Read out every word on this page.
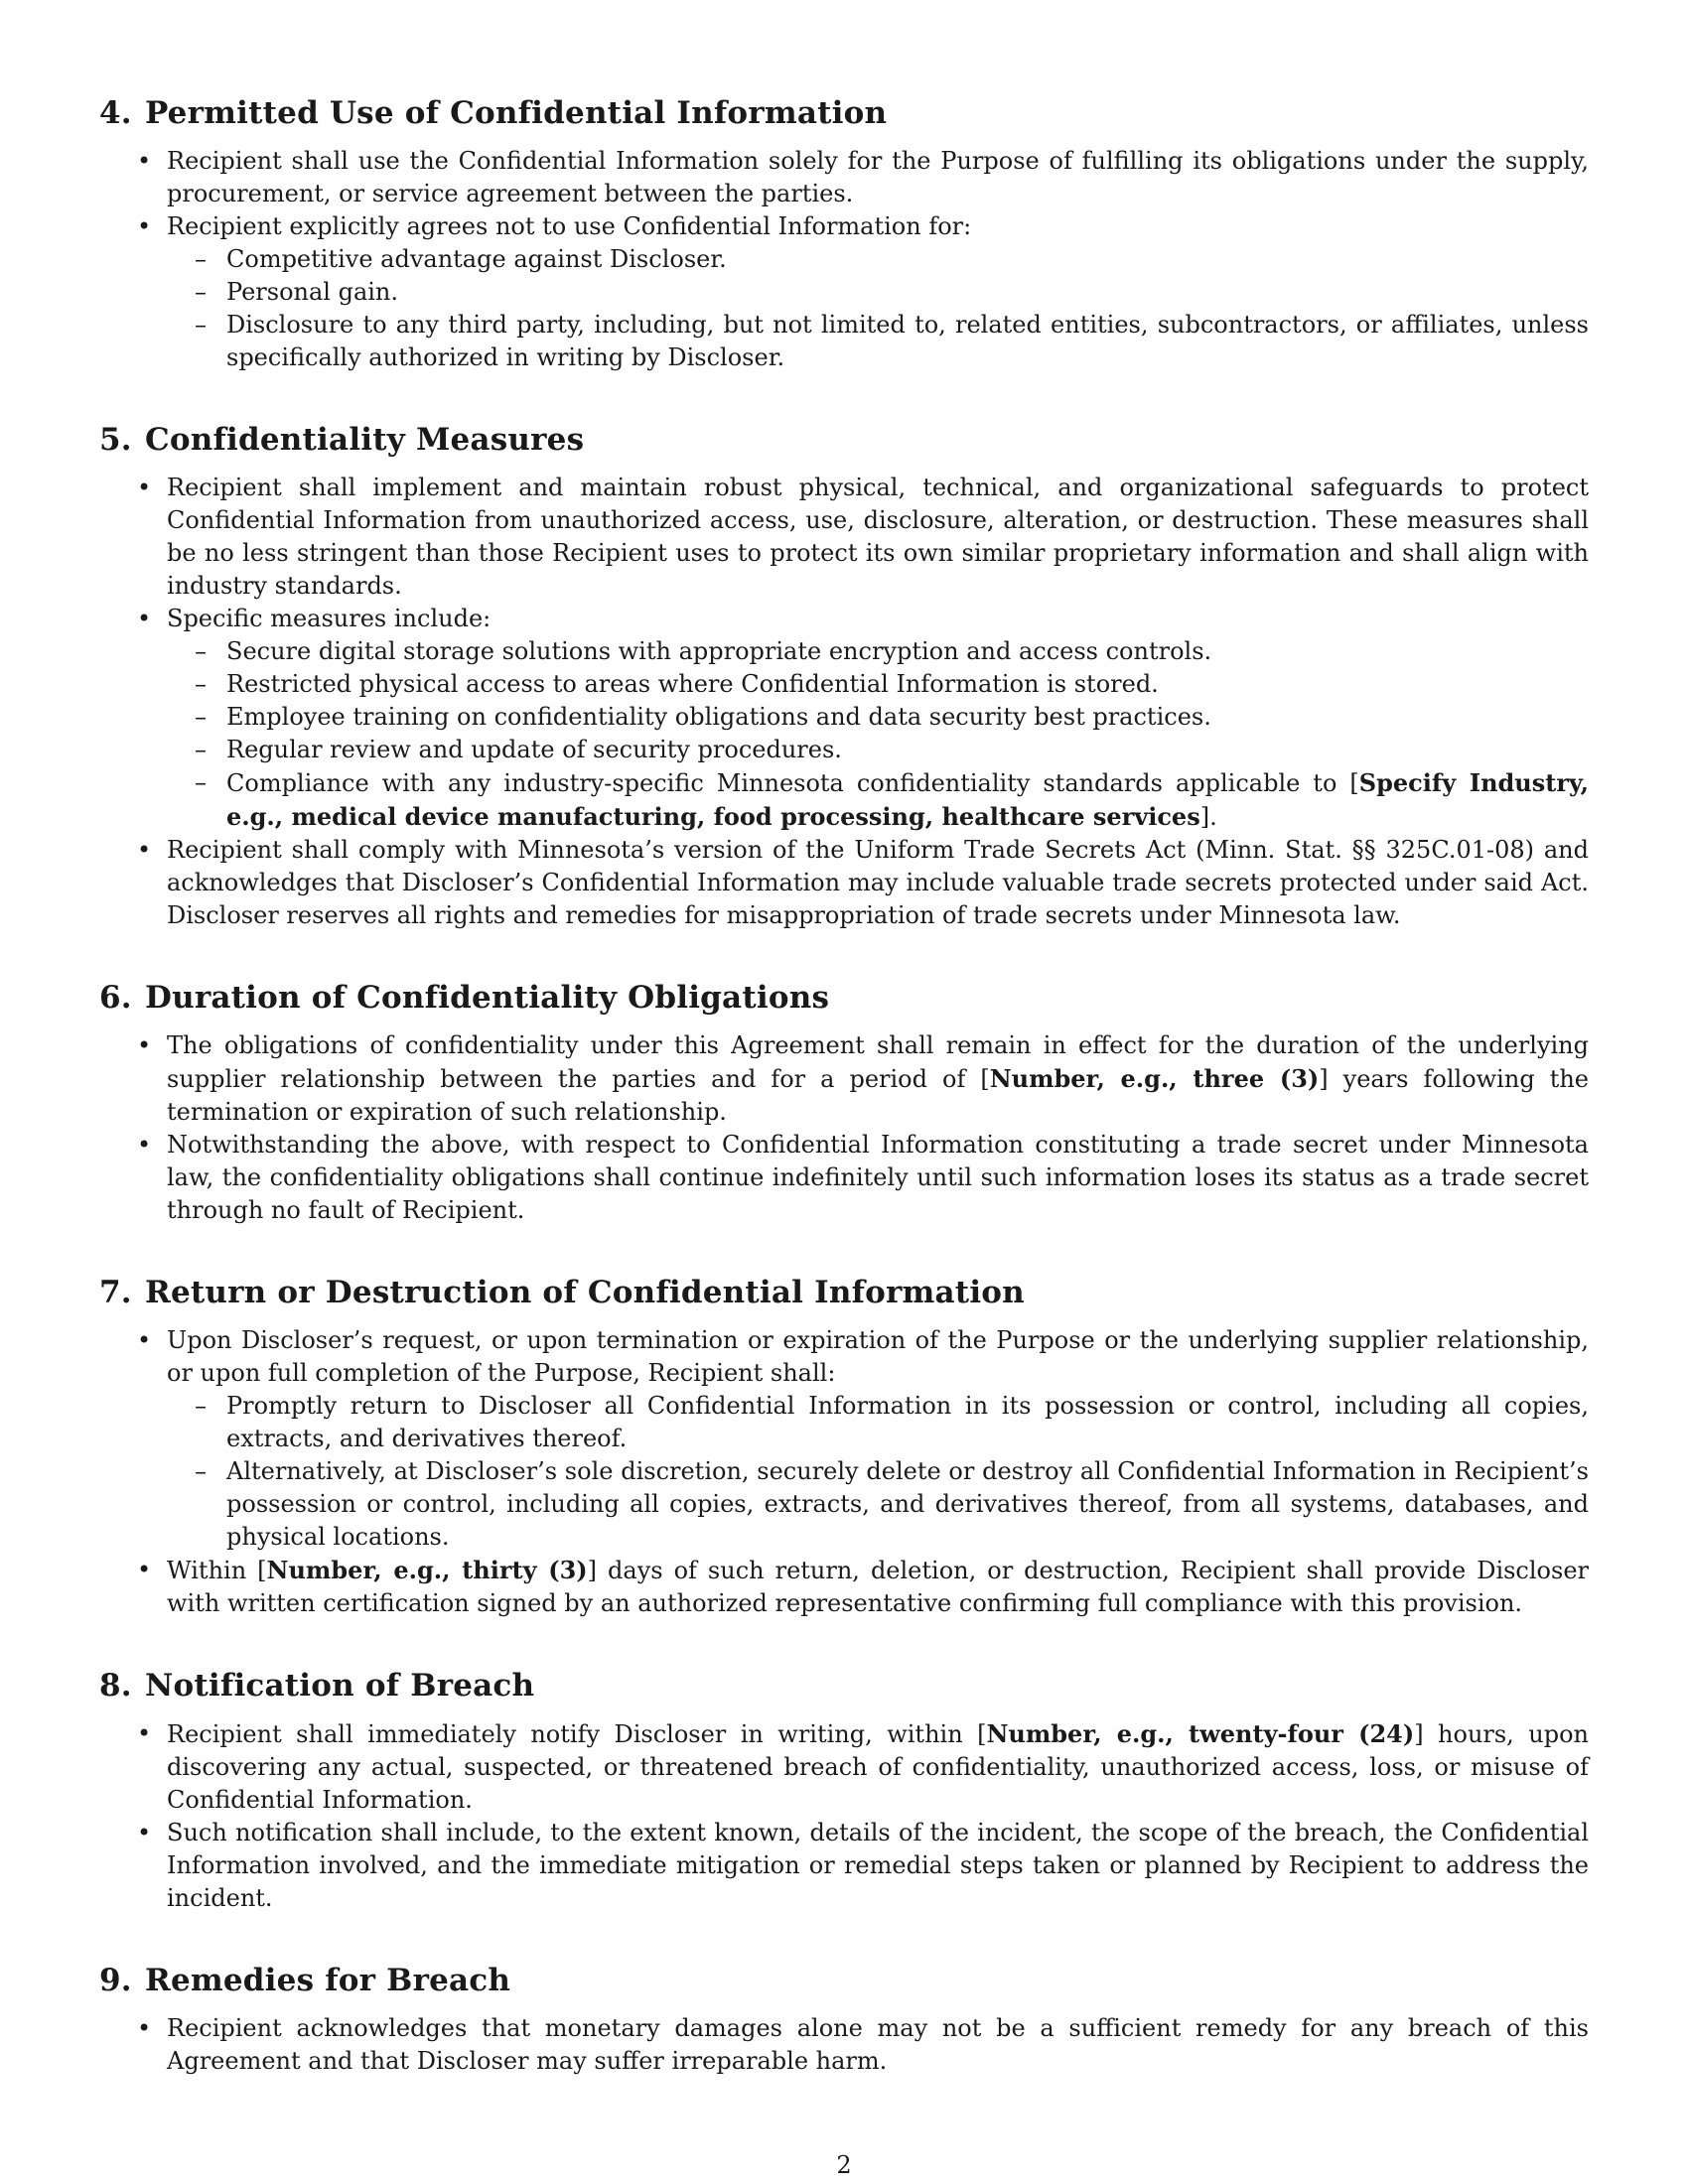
4. Permitted Use of Confidential Information
• Recipient shall use the Confidential Information solely for the Purpose of fulfilling its obligations under the supply, procurement, or service agreement between the parties.
• Recipient explicitly agrees not to use Confidential Information for:
– Competitive advantage against Discloser.
– Personal gain.
– Disclosure to any third party, including, but not limited to, related entities, subcontractors, or affiliates, unless specifically authorized in writing by Discloser.
5. Confidentiality Measures
• Recipient shall implement and maintain robust physical, technical, and organizational safeguards to protect Confidential Information from unauthorized access, use, disclosure, alteration, or destruction. These measures shall be no less stringent than those Recipient uses to protect its own similar proprietary information and shall align with industry standards.
• Specific measures include:
– Secure digital storage solutions with appropriate encryption and access controls.
– Restricted physical access to areas where Confidential Information is stored.
– Employee training on confidentiality obligations and data security best practices.
– Regular review and update of security procedures.
– Compliance with any industry-specific Minnesota confidentiality standards applicable to [Specify Industry, e.g., medical device manufacturing, food processing, healthcare services].
• Recipient shall comply with Minnesota’s version of the Uniform Trade Secrets Act (Minn. Stat. §§ 325C.01-08) and acknowledges that Discloser’s Confidential Information may include valuable trade secrets protected under said Act. Discloser reserves all rights and remedies for misappropriation of trade secrets under Minnesota law.
6. Duration of Confidentiality Obligations
• The obligations of confidentiality under this Agreement shall remain in effect for the duration of the underlying supplier relationship between the parties and for a period of [Number, e.g., three (3)] years following the termination or expiration of such relationship.
• Notwithstanding the above, with respect to Confidential Information constituting a trade secret under Minnesota law, the confidentiality obligations shall continue indefinitely until such information loses its status as a trade secret through no fault of Recipient.
7. Return or Destruction of Confidential Information
• Upon Discloser’s request, or upon termination or expiration of the Purpose or the underlying supplier relationship, or upon full completion of the Purpose, Recipient shall:
– Promptly return to Discloser all Confidential Information in its possession or control, including all copies, extracts, and derivatives thereof.
– Alternatively, at Discloser’s sole discretion, securely delete or destroy all Confidential Information in Recipient’s possession or control, including all copies, extracts, and derivatives thereof, from all systems, databases, and physical locations.
• Within [Number, e.g., thirty (3)] days of such return, deletion, or destruction, Recipient shall provide Discloser with written certification signed by an authorized representative confirming full compliance with this provision.
8. Notification of Breach
• Recipient shall immediately notify Discloser in writing, within [Number, e.g., twenty-four (24)] hours, upon discovering any actual, suspected, or threatened breach of confidentiality, unauthorized access, loss, or misuse of Confidential Information.
• Such notification shall include, to the extent known, details of the incident, the scope of the breach, the Confidential Information involved, and the immediate mitigation or remedial steps taken or planned by Recipient to address the incident.
9. Remedies for Breach
• Recipient acknowledges that monetary damages alone may not be a sufficient remedy for any breach of this Agreement and that Discloser may suffer irreparable harm.
2
